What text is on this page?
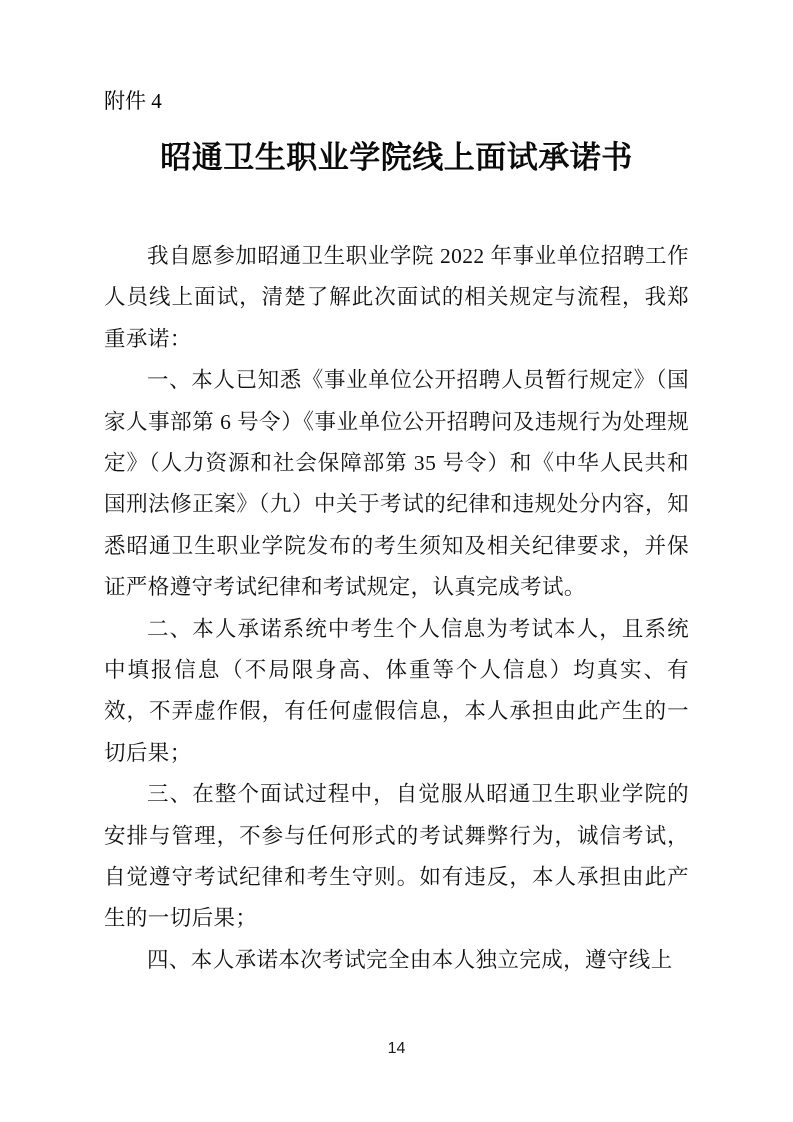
附件 4
昭通卫生职业学院线上面试承诺书

我自愿参加昭通卫生职业学院 2022 年事业单位招聘工作人员线上面试，清楚了解此次面试的相关规定与流程，我郑重承诺：

一、本人已知悉《事业单位公开招聘人员暂行规定》（国家人事部第 6 号令）《事业单位公开招聘问及违规行为处理规定》（人力资源和社会保障部第 35 号令）和《中华人民共和国刑法修正案》（九）中关于考试的纪律和违规处分内容，知悉昭通卫生职业学院发布的考生须知及相关纪律要求，并保证严格遵守考试纪律和考试规定，认真完成考试。

二、本人承诺系统中考生个人信息为考试本人，且系统中填报信息（不局限身高、体重等个人信息）均真实、有效，不弄虚作假，有任何虚假信息，本人承担由此产生的一切后果；

三、在整个面试过程中，自觉服从昭通卫生职业学院的安排与管理，不参与任何形式的考试舞弊行为，诚信考试，自觉遵守考试纪律和考生守则。如有违反，本人承担由此产生的一切后果；

四、本人承诺本次考试完全由本人独立完成，遵守线上

14
